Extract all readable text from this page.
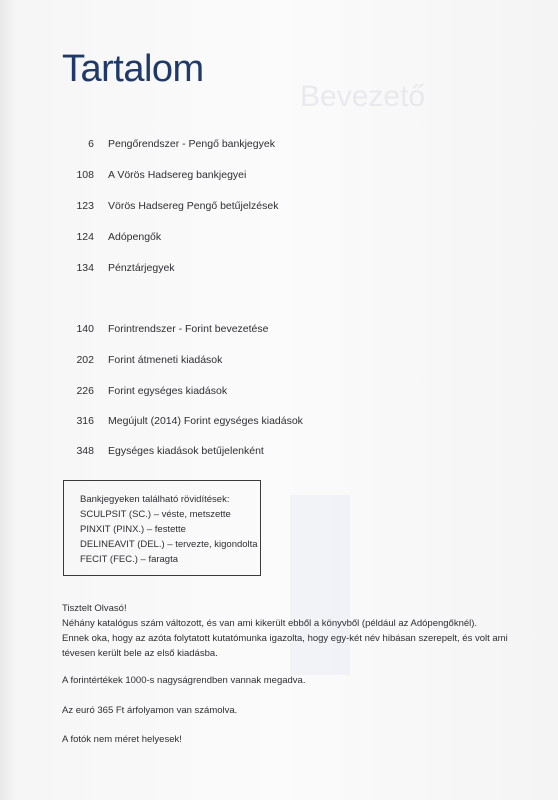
Bevezető
Tartalom
6 Pengőrendszer - Pengő bankjegyek
108 A Vörös Hadsereg bankjegyei
123 Vörös Hadsereg Pengő betűjelzések
124 Adópengők
134 Pénztárjegyek
140 Forintrendszer - Forint bevezetése
202 Forint átmeneti kiadások
226 Forint egységes kiadások
316 Megújult (2014) Forint egységes kiadások
348 Egységes kiadások betűjelenként
Bankjegyeken található rövidítések:
SCULPSIT (SC.) – véste, metszette
PINXIT (PINX.) – festette
DELINEAVIT (DEL.) – tervezte, kigondolta
FECIT (FEC.) – faragta
Tisztelt Olvasó!
Néhány katalógus szám változott, és van ami kikerült ebből a könyvből (például az Adópengőknél).
Ennek oka, hogy az azóta folytatott kutatómunka igazolta, hogy egy-két név hibásan szerepelt, és volt ami
tévesen került bele az első kiadásba.
A forintértékek 1000-s nagyságrendben vannak megadva.
Az euró 365 Ft árfolyamon van számolva.
A fotók nem méret helyesek!
